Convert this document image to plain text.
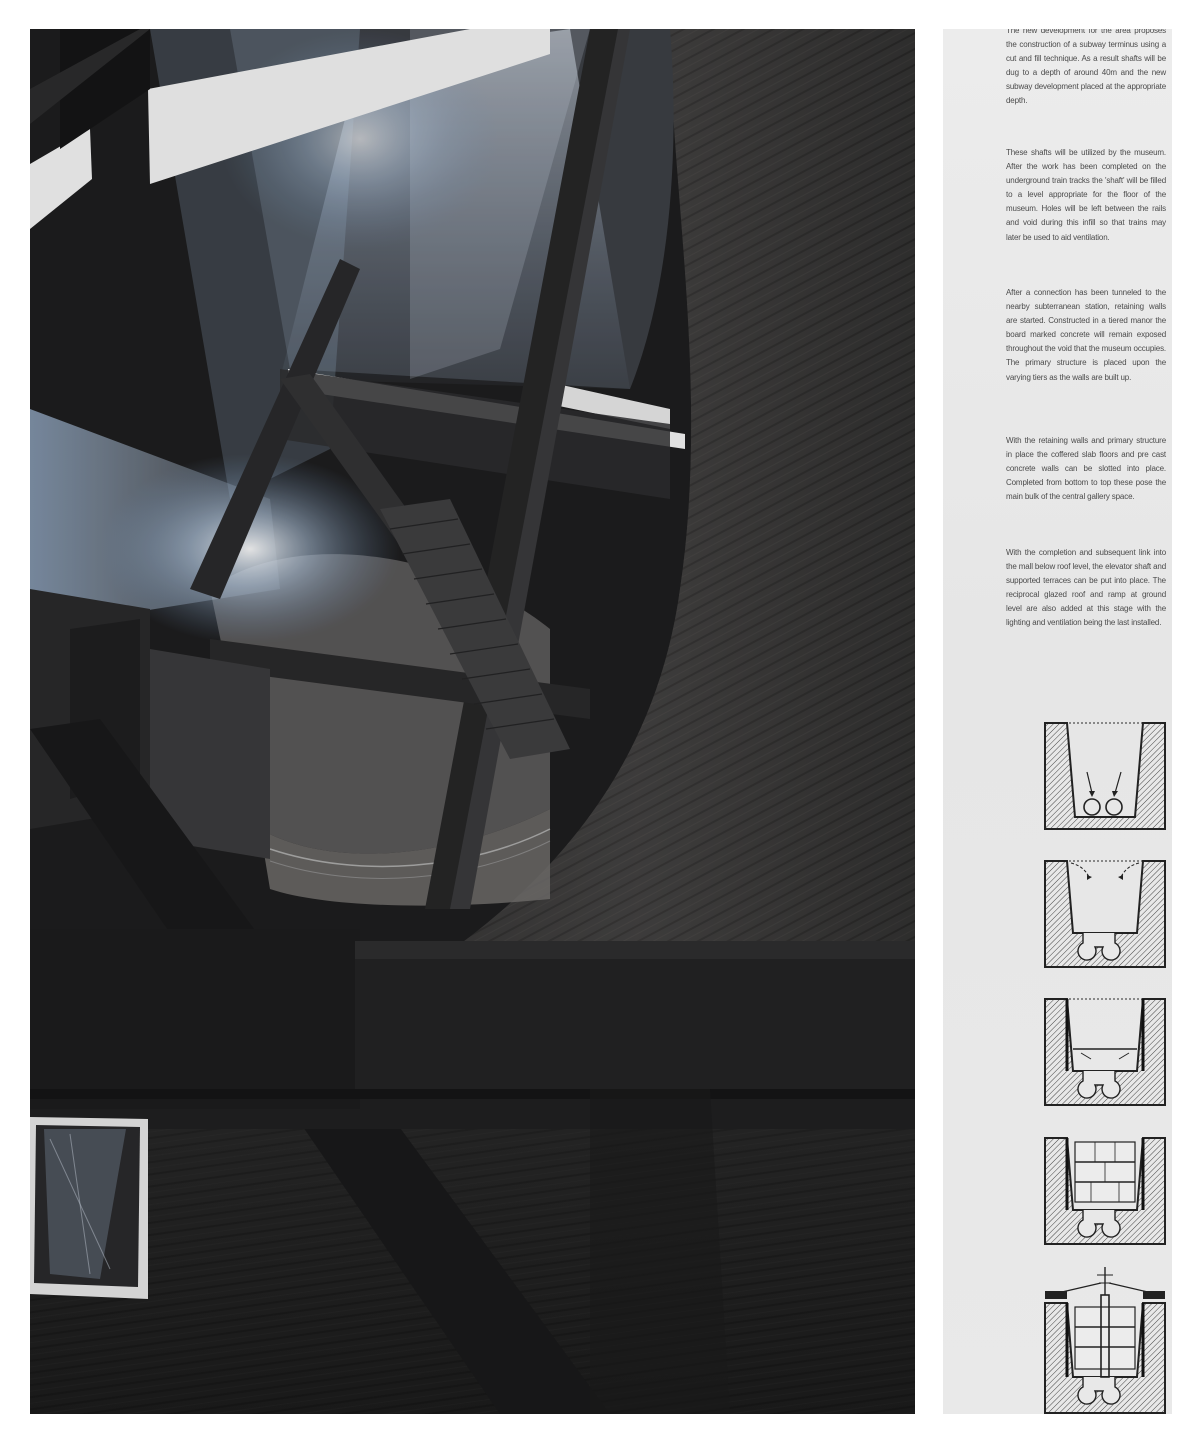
The new development for the area proposes the construction of a subway terminus using a cut and fill technique. As a result shafts will be dug to a depth of around 40m and the new subway development placed at the appropriate depth.

These shafts will be utilized by the museum. After the work has been completed on the underground train tracks the 'shaft' will be filled to a level appropriate for the floor of the museum. Holes will be left between the rails and void during this infill so that trains may later be used to aid ventilation.

After a connection has been tunneled to the nearby subterranean station, retaining walls are started. Constructed in a tiered manor the board marked concrete will remain exposed throughout the void that the museum occupies. The primary structure is placed upon the varying tiers as the walls are built up.

With the retaining walls and primary structure in place the coffered slab floors and pre cast concrete walls can be slotted into place. Completed from bottom to top these pose the main bulk of the central gallery space.

With the completion and subsequent link into the mall below roof level, the elevator shaft and supported terraces can be put into place. The reciprocal glazed roof and ramp at ground level are also added at this stage with the lighting and ventilation being the last installed.
